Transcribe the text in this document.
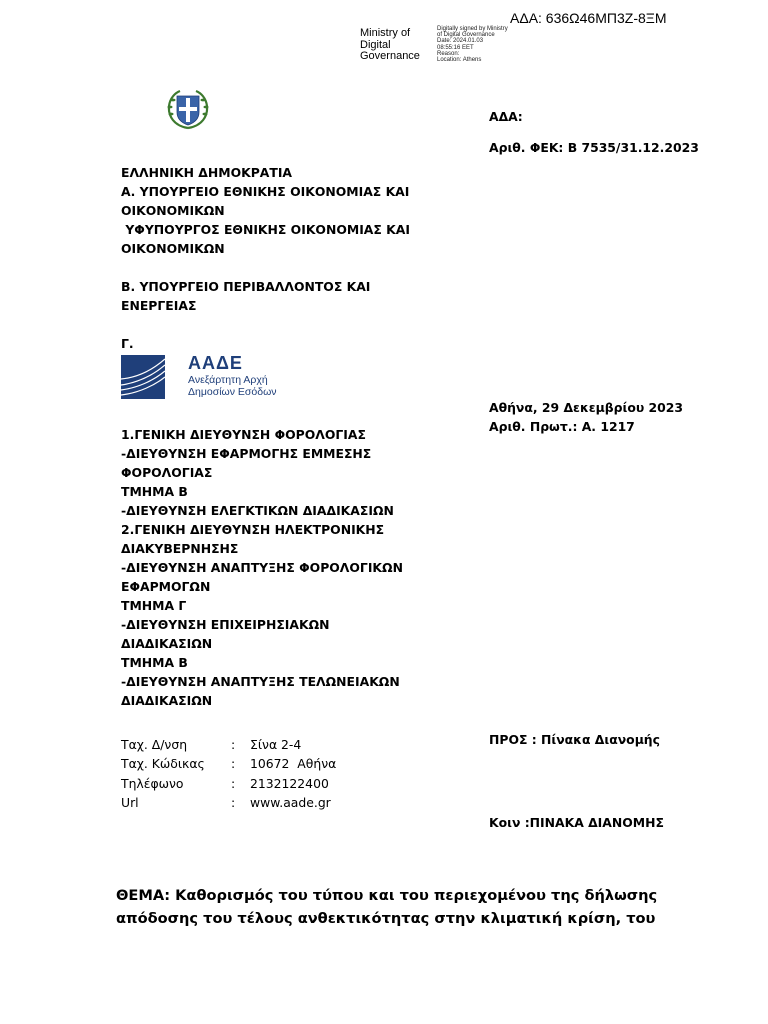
ΑΔΑ: 636Ω46ΜΠ3Ζ-8ΞΜ
Ministry of
Digital
Governance
Digitally signed by Ministry
of Digital Governance
Date: 2024.01.03
08:55:16 EET
Reason:
Location: Athens
ΑΔΑ:
Αριθ. ΦΕΚ: Β 7535/31.12.2023
ΕΛΛΗΝΙΚΗ ΔΗΜΟΚΡΑΤΙΑ
Α. ΥΠΟΥΡΓΕΙΟ ΕΘΝΙΚΗΣ ΟΙΚΟΝΟΜΙΑΣ ΚΑΙ
ΟΙΚΟΝΟΜΙΚΩΝ
ΥΦΥΠΟΥΡΓΟΣ ΕΘΝΙΚΗΣ ΟΙΚΟΝΟΜΙΑΣ ΚΑΙ
ΟΙΚΟΝΟΜΙΚΩΝ
Β. ΥΠΟΥΡΓΕΙΟ ΠΕΡΙΒΑΛΛΟΝΤΟΣ ΚΑΙ
ΕΝΕΡΓΕΙΑΣ
Γ.
ΑΑΔΕ
Ανεξάρτητη Αρχή
Δημοσίων Εσόδων
Αθήνα, 29 Δεκεμβρίου 2023
Αριθ. Πρωτ.: Α. 1217
1.ΓΕΝΙΚΗ ΔΙΕΥΘΥΝΣΗ ΦΟΡΟΛΟΓΙΑΣ
-ΔΙΕΥΘΥΝΣΗ ΕΦΑΡΜΟΓΗΣ ΕΜΜΕΣΗΣ
ΦΟΡΟΛΟΓΙΑΣ
ΤΜΗΜΑ Β
-ΔΙΕΥΘΥΝΣΗ ΕΛΕΓΚΤΙΚΩΝ ΔΙΑΔΙΚΑΣΙΩΝ
2.ΓΕΝΙΚΗ ΔΙΕΥΘΥΝΣΗ ΗΛΕΚΤΡΟΝΙΚΗΣ
ΔΙΑΚΥΒΕΡΝΗΣΗΣ
-ΔΙΕΥΘΥΝΣΗ ΑΝΑΠΤΥΞΗΣ ΦΟΡΟΛΟΓΙΚΩΝ
ΕΦΑΡΜΟΓΩΝ
ΤΜΗΜΑ Γ
-ΔΙΕΥΘΥΝΣΗ ΕΠΙΧΕΙΡΗΣΙΑΚΩΝ
ΔΙΑΔΙΚΑΣΙΩΝ
ΤΜΗΜΑ Β
-ΔΙΕΥΘΥΝΣΗ ΑΝΑΠΤΥΞΗΣ ΤΕΛΩΝΕΙΑΚΩΝ
ΔΙΑΔΙΚΑΣΙΩΝ
ΠΡΟΣ : Πίνακα Διανομής
Κοιν :ΠΙΝΑΚΑ ΔΙΑΝΟΜΗΣ
Ταχ. Δ/νση	:	Σίνα 2-4
Ταχ. Κώδικας	:	10672  Αθήνα
Τηλέφωνο	:	2132122400
Url	:	www.aade.gr
ΘΕΜΑ: Καθορισμός του τύπου και του περιεχομένου της δήλωσης
απόδοσης του τέλους ανθεκτικότητας στην κλιματική κρίση, του
